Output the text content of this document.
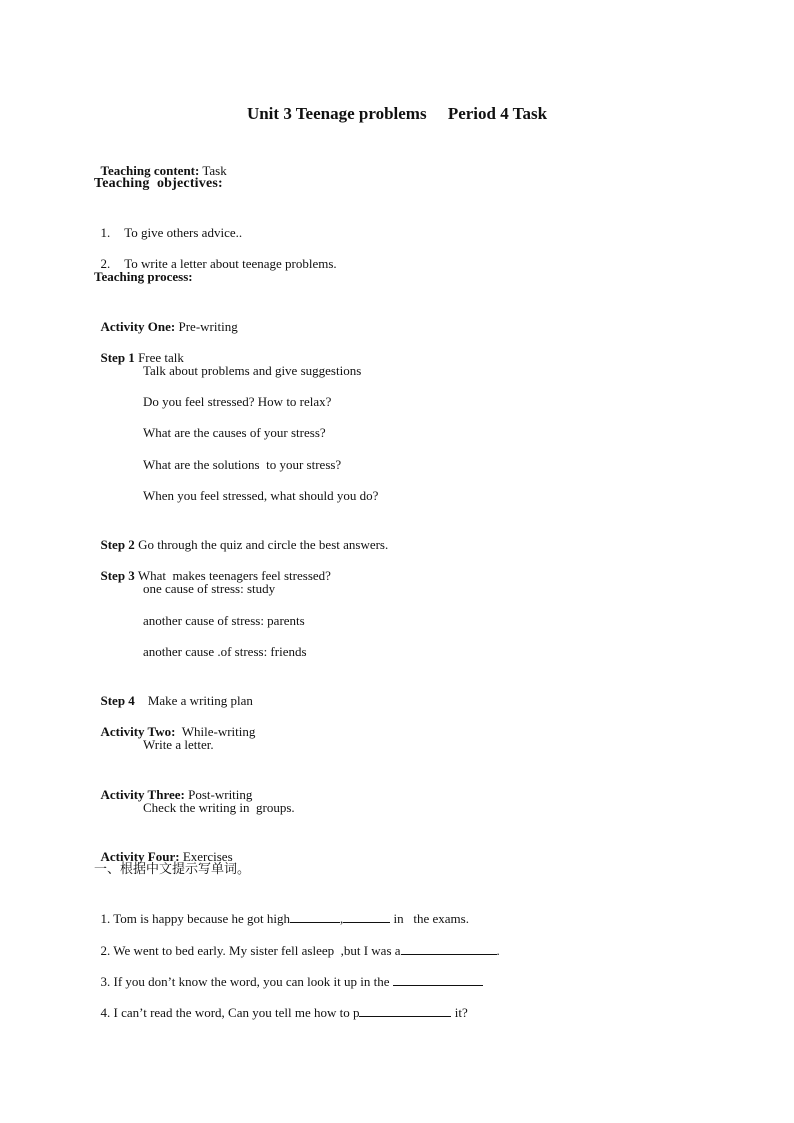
Unit 3 Teenage problems     Period 4 Task

Teaching content: Task

Teaching  objectives:

1. To give others advice..

2. To write a letter about teenage problems.

Teaching process:

Activity One: Pre-writing

Step 1 Free talk

Talk about problems and give suggestions
Do you feel stressed? How to relax?
What are the causes of your stress?
What are the solutions  to your stress?
When you feel stressed, what should you do?

Step 2 Go through the quiz and circle the best answers.

Step 3 What  makes teenagers feel stressed?

one cause of stress: study
another cause of stress: parents
another cause .of stress: friends

Step 4    Make a writing plan

Activity Two:  While-writing

Write a letter.

Activity Three: Post-writing

Check the writing in  groups.

Activity Four: Exercises

一、根据中文提示写单词。

1. Tom is happy because he got high	,	in   the exams.

2. We went to bed early. My sister fell asleep  ,but I was a	.

3. If you don’t know the word, you can look it up in the

4. I can’t read the word, Can you tell me how to p	it?
